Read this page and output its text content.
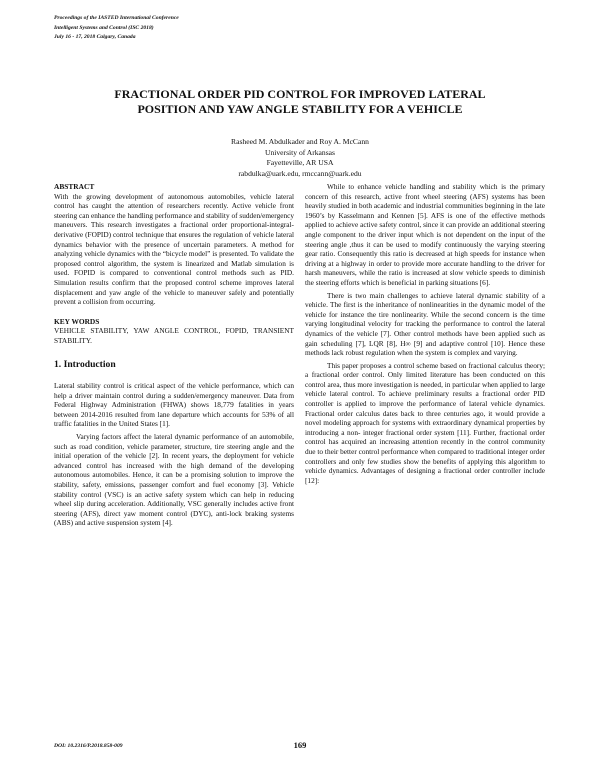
Proceedings of the IASTED International Conference
Intelligent Systems and Control (ISC 2018)
July 16 - 17, 2018 Calgary, Canada
FRACTIONAL ORDER PID CONTROL FOR IMPROVED LATERAL
POSITION AND YAW ANGLE STABILITY FOR A VEHICLE
Rasheed M. Abdulkader and Roy A. McCann
University of Arkansas
Fayetteville, AR USA
rabdulka@uark.edu, rmccann@uark.edu
ABSTRACT

With the growing development of autonomous automobiles, vehicle lateral control has caught the attention of researchers recently. Active vehicle front steering can enhance the handling performance and stability of sudden/emergency maneuvers. This research investigates a fractional order proportional-integral-derivative (FOPID) control technique that ensures the regulation of vehicle lateral dynamics behavior with the presence of uncertain parameters. A method for analyzing vehicle dynamics with the “bicycle model” is presented. To validate the proposed control algorithm, the system is linearized and Matlab simulation is used. FOPID is compared to conventional control methods such as PID. Simulation results confirm that the proposed control scheme improves lateral displacement and yaw angle of the vehicle to maneuver safely and potentially prevent a collision from occurring.

KEY WORDS

VEHICLE STABILITY, YAW ANGLE CONTROL, FOPID, TRANSIENT STABILITY.

1. Introduction

Lateral stability control is critical aspect of the vehicle performance, which can help a driver maintain control during a sudden/emergency maneuver. Data from Federal Highway Administration (FHWA) shows 18,779 fatalities in years between 2014-2016 resulted from lane departure which accounts for 53% of all traffic fatalities in the United States [1].

Varying factors affect the lateral dynamic performance of an automobile, such as road condition, vehicle parameter, structure, tire steering angle and the initial operation of the vehicle [2]. In recent years, the deployment for vehicle advanced control has increased with the high demand of the developing autonomous automobiles. Hence, it can be a promising solution to improve the stability, safety, emissions, passenger comfort and fuel economy [3]. Vehicle stability control (VSC) is an active safety system which can help in reducing wheel slip during acceleration. Additionally, VSC generally includes active front steering (AFS), direct yaw moment control (DYC), anti-lock braking systems (ABS) and active suspension system [4].

While to enhance vehicle handling and stability which is the primary concern of this research, active front wheel steering (AFS) systems has been heavily studied in both academic and industrial communities beginning in the late 1960’s by Kasselmann and Kennen [5]. AFS is one of the effective methods applied to achieve active safety control, since it can provide an additional steering angle component to the driver input which is not dependent on the input of the steering angle ,thus it can be used to modify continuously the varying steering gear ratio. Consequently this ratio is decreased at high speeds for instance when driving at a highway in order to provide more accurate handling to the driver for harsh maneuvers, while the ratio is increased at slow vehicle speeds to diminish the steering efforts which is beneficial in parking situations [6].

There is two main challenges to achieve lateral dynamic stability of a vehicle. The first is the inheritance of nonlinearities in the dynamic model of the vehicle for instance the tire nonlinearity. While the second concern is the time varying longitudinal velocity for tracking the performance to control the lateral dynamics of the vehicle [7]. Other control methods have been applied such as gain scheduling [7], LQR [8], H∞ [9] and adaptive control [10]. Hence these methods lack robust regulation when the system is complex and varying.

This paper proposes a control scheme based on fractional calculus theory; a fractional order control. Only limited literature has been conducted on this control area, thus more investigation is needed, in particular when applied to large vehicle lateral control. To achieve preliminary results a fractional order PID controller is applied to improve the performance of lateral vehicle dynamics. Fractional order calculus dates back to three centuries ago, it would provide a novel modeling approach for systems with extraordinary dynamical properties by introducing a non- integer fractional order system [11]. Further, fractional order control has acquired an increasing attention recently in the control community due to their better control performance when compared to traditional integer order controllers and only few studies show the benefits of applying this algorithm to vehicle dynamics. Advantages of designing a fractional order controller include [12]:

DOI: 10.2316/P.2018.858-009	169
